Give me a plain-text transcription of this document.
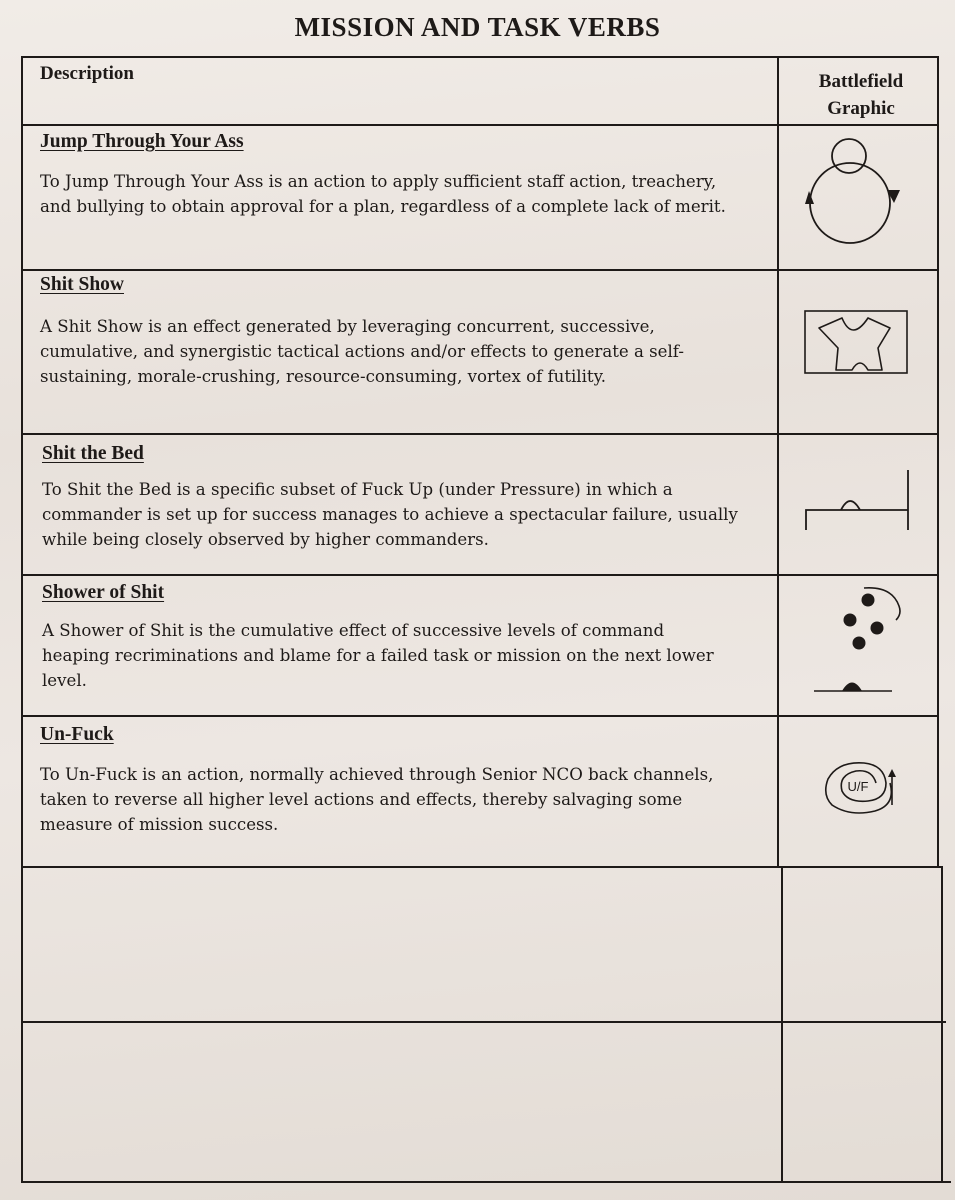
MISSION AND TASK VERBS
Description	Battlefield
Graphic
Jump Through Your Ass
To Jump Through Your Ass is an action to apply sufficient staff action, treachery,
and bullying to obtain approval for a plan, regardless of a complete lack of merit.
Shit Show
A Shit Show is an effect generated by leveraging concurrent, successive,
cumulative, and synergistic tactical actions and/or effects to generate a self-
sustaining, morale-crushing, resource-consuming, vortex of futility.
Shit the Bed
To Shit the Bed is a specific subset of Fuck Up (under Pressure) in which a
commander is set up for success manages to achieve a spectacular failure, usually
while being closely observed by higher commanders.
Shower of Shit
A Shower of Shit is the cumulative effect of successive levels of command
heaping recriminations and blame for a failed task or mission on the next lower
level.
Un-Fuck
To Un-Fuck is an action, normally achieved through Senior NCO back channels,
taken to reverse all higher level actions and effects, thereby salvaging some
measure of mission success.
U/F
